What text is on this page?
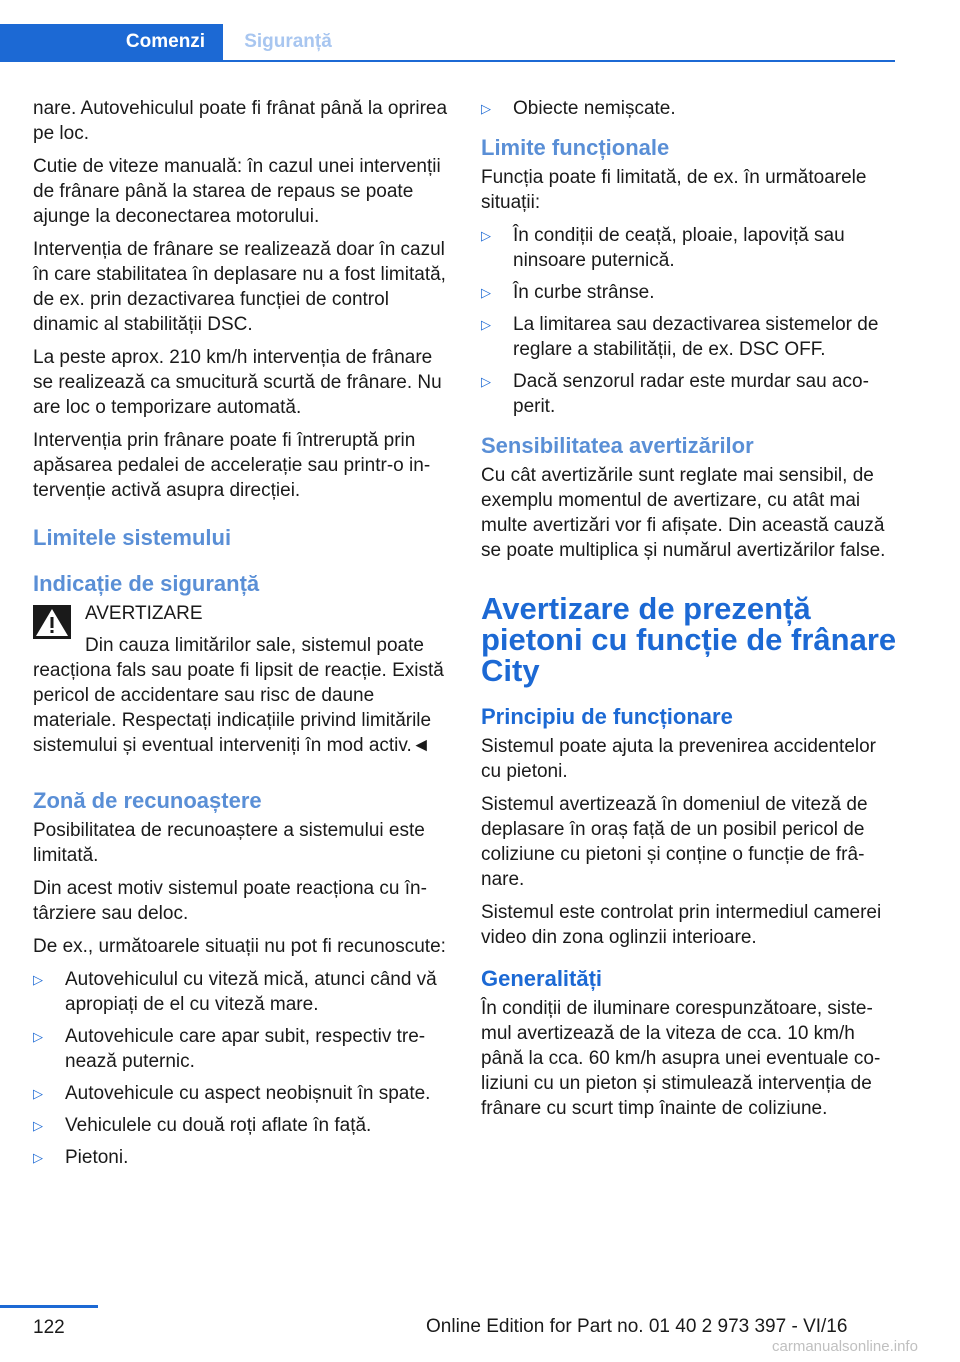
Comenzi	Siguranță

nare. Autovehiculul poate fi frânat până la oprirea pe loc.

Cutie de viteze manuală: în cazul unei intervenții de frânare până la starea de repaus se poate ajunge la deconectarea motorului.

Intervenția de frânare se realizează doar în cazul în care stabilitatea în deplasare nu a fost limitată, de ex. prin dezactivarea funcției de control dinamic al stabilității DSC.

La peste aprox. 210 km/h intervenția de frânare se realizează ca smucitură scurtă de frânare. Nu are loc o temporizare automată.

Intervenția prin frânare poate fi întreruptă prin apăsarea pedalei de accelerație sau printr-o intervenție activă asupra direcției.

Limitele sistemului
Indicație de siguranță
AVERTIZARE
Din cauza limitărilor sale, sistemul poate
reacționa fals sau poate fi lipsit de reacție. Există pericol de accidentare sau risc de daune materiale. Respectați indicațiile privind limitările sistemului și eventual interveniți în mod activ.◄
Zonă de recunoaștere

Posibilitatea de recunoaștere a sistemului este limitată.

Din acest motiv sistemul poate reacționa cu întârziere sau deloc.

De ex., următoarele situații nu pot fi recunoscute:

▷ Autovehiculul cu viteză mică, atunci când vă apropiați de el cu viteză mare.
▷ Autovehicule care apar subit, respectiv trenează puternic.
▷ Autovehicule cu aspect neobișnuit în spate.
▷ Vehiculele cu două roți aflate în față.
▷ Pietoni.
▷ Obiecte nemișcate.
Limite funcționale

Funcția poate fi limitată, de ex. în următoarele situații:

▷ În condiții de ceață, ploaie, lapoviță sau ninsoare puternică.
▷ În curbe strânse.
▷ La limitarea sau dezactivarea sistemelor de reglare a stabilității, de ex. DSC OFF.
▷ Dacă senzorul radar este murdar sau acoperit.
Sensibilitatea avertizărilor

Cu cât avertizările sunt reglate mai sensibil, de exemplu momentul de avertizare, cu atât mai multe avertizări vor fi afișate. Din această cauză se poate multiplica și numărul avertizărilor false.

Avertizare de prezență pietoni cu funcție de frânare City
Principiu de funcționare

Sistemul poate ajuta la prevenirea accidentelor cu pietoni.

Sistemul avertizează în domeniul de viteză de deplasare în oraș față de un posibil pericol de coliziune cu pietoni și conține o funcție de frânare.

Sistemul este controlat prin intermediul camerei video din zona oglinzii interioare.

Generalități

În condiții de iluminare corespunzătoare, sistemul avertizează de la viteza de cca. 10 km/h până la cca. 60 km/h asupra unei eventuale coliziuni cu un pieton și stimulează intervenția de frânare cu scurt timp înainte de coliziune.

122	Online Edition for Part no. 01 40 2 973 397 - VI/16
carmanualsonline.info
